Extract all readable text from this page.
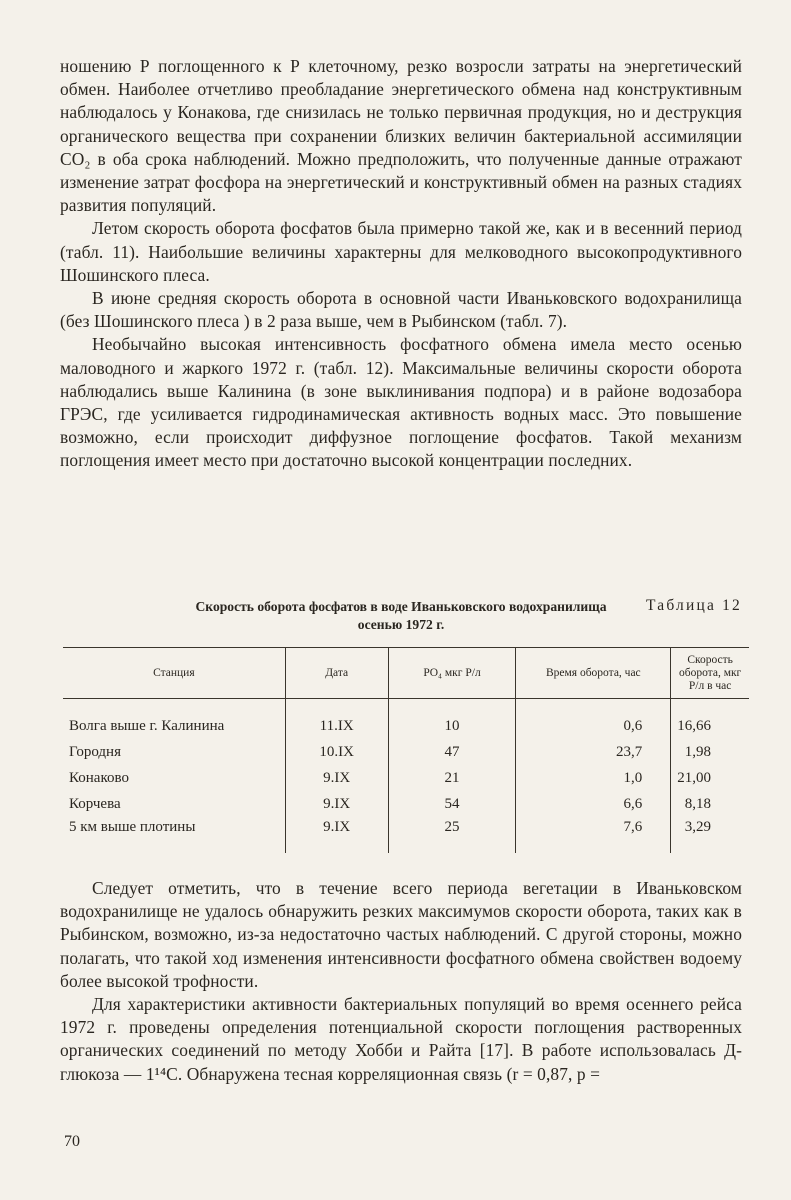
ношению Р поглощенного к Р клеточному, резко возросли затраты на энергетический обмен. Наиболее отчетливо преобладание энергетического обмена над конструктивным наблюдалось у Конакова, где снизилась не только первичная продукция, но и деструкция органического вещества при сохранении близких величин бактериальной ассимиляции CO₂ в оба срока наблюдений. Можно предположить, что полученные данные отражают изменение затрат фосфора на энергетический и конструктивный обмен на разных стадиях развития популяций.

Летом скорость оборота фосфатов была примерно такой же, как и в весенний период (табл. 11). Наибольшие величины характерны для мелководного высокопродуктивного Шошинского плеса.

В июне средняя скорость оборота в основной части Иваньковского водохранилища (без Шошинского плеса ) в 2 раза выше, чем в Рыбинском (табл. 7).

Необычайно высокая интенсивность фосфатного обмена имела место осенью маловодного и жаркого 1972 г. (табл. 12). Максимальные величины скорости оборота наблюдались выше Калинина (в зоне выклинивания подпора) и в районе водозабора ГРЭС, где усиливается гидродинамическая активность водных масс. Это повышение возможно, если происходит диффузное поглощение фосфатов. Такой механизм поглощения имеет место при достаточно высокой концентрации последних.

Таблица 12
Скорость оборота фосфатов в воде Иваньковского водохранилища
осенью 1972 г.
Станция	Дата	PO₄ мкг Р/л	Время оборота, час	Скорость оборота, мкг Р/л в час

Волга выше г. Калинина	11.IX	10	0,6	16,66
Городня	10.IX	47	23,7	1,98
Конаково	9.IX	21	1,0	21,00
Корчева	9.IX	54	6,6	8,18
5 км выше плотины	9.IX	25	7,6	3,29

Следует отметить, что в течение всего периода вегетации в Иваньковском водохранилище не удалось обнаружить резких максимумов скорости оборота, таких как в Рыбинском, возможно, из-за недостаточно частых наблюдений. С другой стороны, можно полагать, что такой ход изменения интенсивности фосфатного обмена свойствен водоему более высокой трофности.

Для характеристики активности бактериальных популяций во время осеннего рейса 1972 г. проведены определения потенциальной скорости поглощения растворенных органических соединений по методу Хобби и Райта [17]. В работе использовалась Д-глюкоза — 1¹⁴С. Обнаружена тесная корреляционная связь (r = 0,87, p =

70
